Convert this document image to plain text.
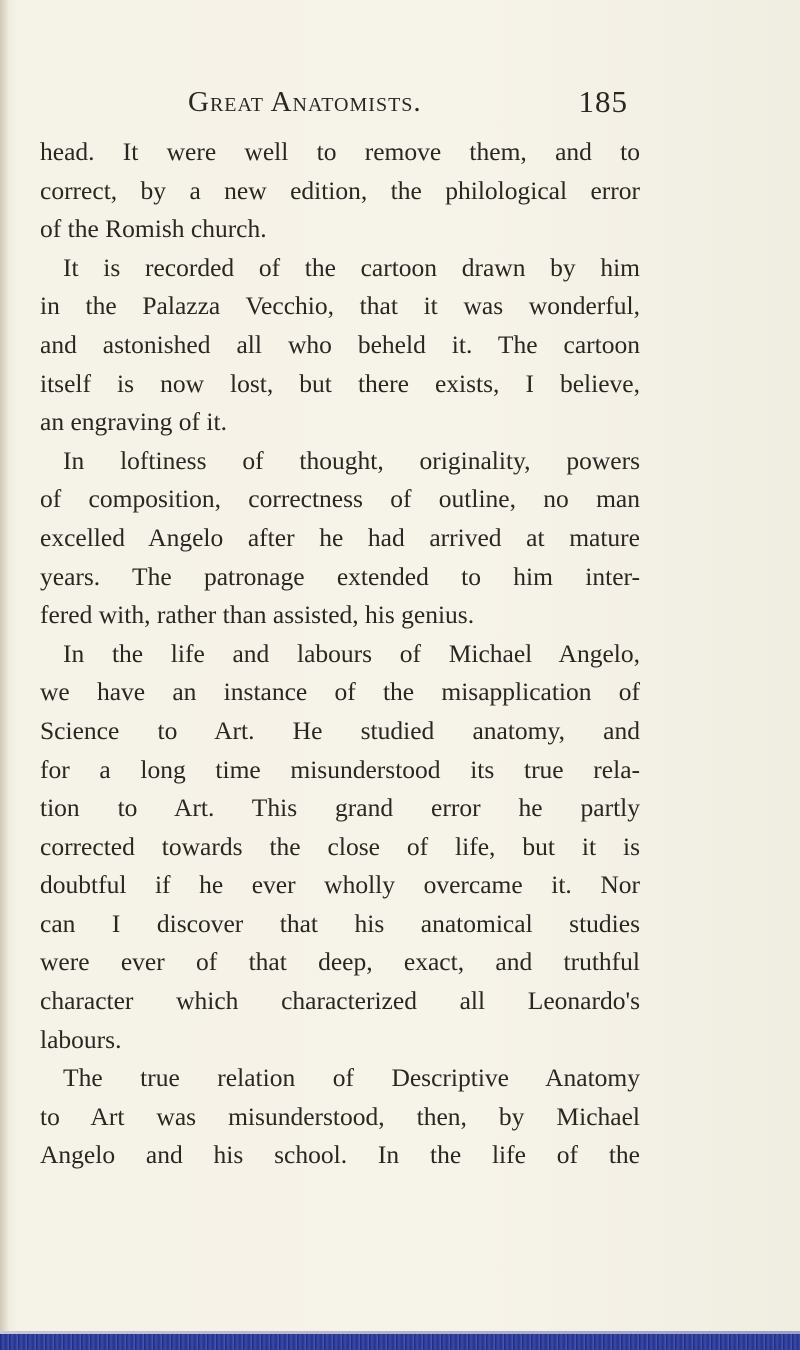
Great Anatomists.	185
head. It were well to remove them, and to
correct, by a new edition, the philological error
of the Romish church.
It is recorded of the cartoon drawn by him
in the Palazza Vecchio, that it was wonderful,
and astonished all who beheld it. The cartoon
itself is now lost, but there exists, I believe,
an engraving of it.
In loftiness of thought, originality, powers
of composition, correctness of outline, no man
excelled Angelo after he had arrived at mature
years. The patronage extended to him inter-
fered with, rather than assisted, his genius.
In the life and labours of Michael Angelo,
we have an instance of the misapplication of
Science to Art. He studied anatomy, and
for a long time misunderstood its true rela-
tion to Art. This grand error he partly
corrected towards the close of life, but it is
doubtful if he ever wholly overcame it. Nor
can I discover that his anatomical studies
were ever of that deep, exact, and truthful
character which characterized all Leonardo's
labours.
The true relation of Descriptive Anatomy
to Art was misunderstood, then, by Michael
Angelo and his school. In the life of the
